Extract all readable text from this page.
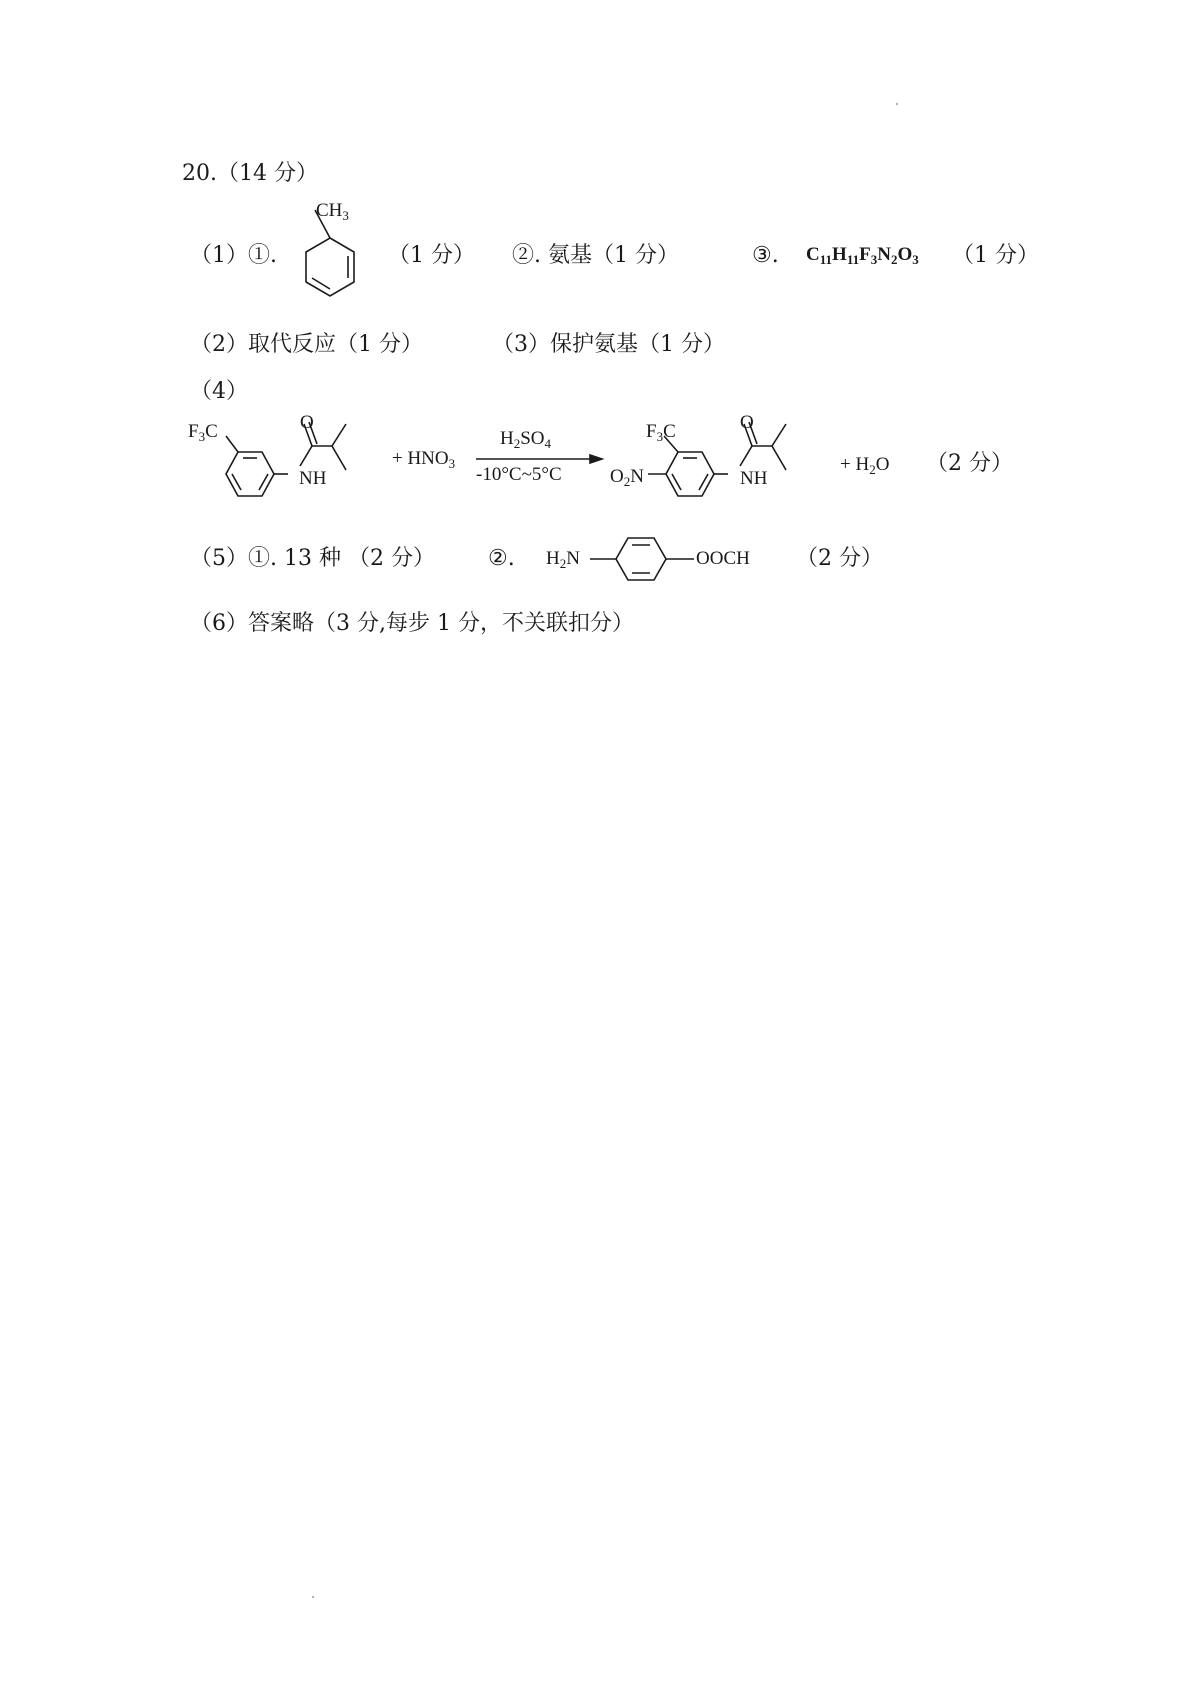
20.（14 分）
（1）①.
$CH_3$
（1 分） ②. 氨基（1 分）	③. $C_{11}H_{11}F_3N_2O_3$ （1 分）
（2）取代反应（1 分）	（3）保护氨基（1 分）
（4）
$F_3C$	O
NH
+ $HNO_3$
$H_2SO_4$
-10°C~5°C
$F_3C$
$O_2N$
O
NH
+ $H_2O$ （2 分）
（5）①. 13 种 （2 分） ②. $H_2N$	OOCH （2 分）
（6）答案略（3 分,每步 1 分，不关联扣分）
